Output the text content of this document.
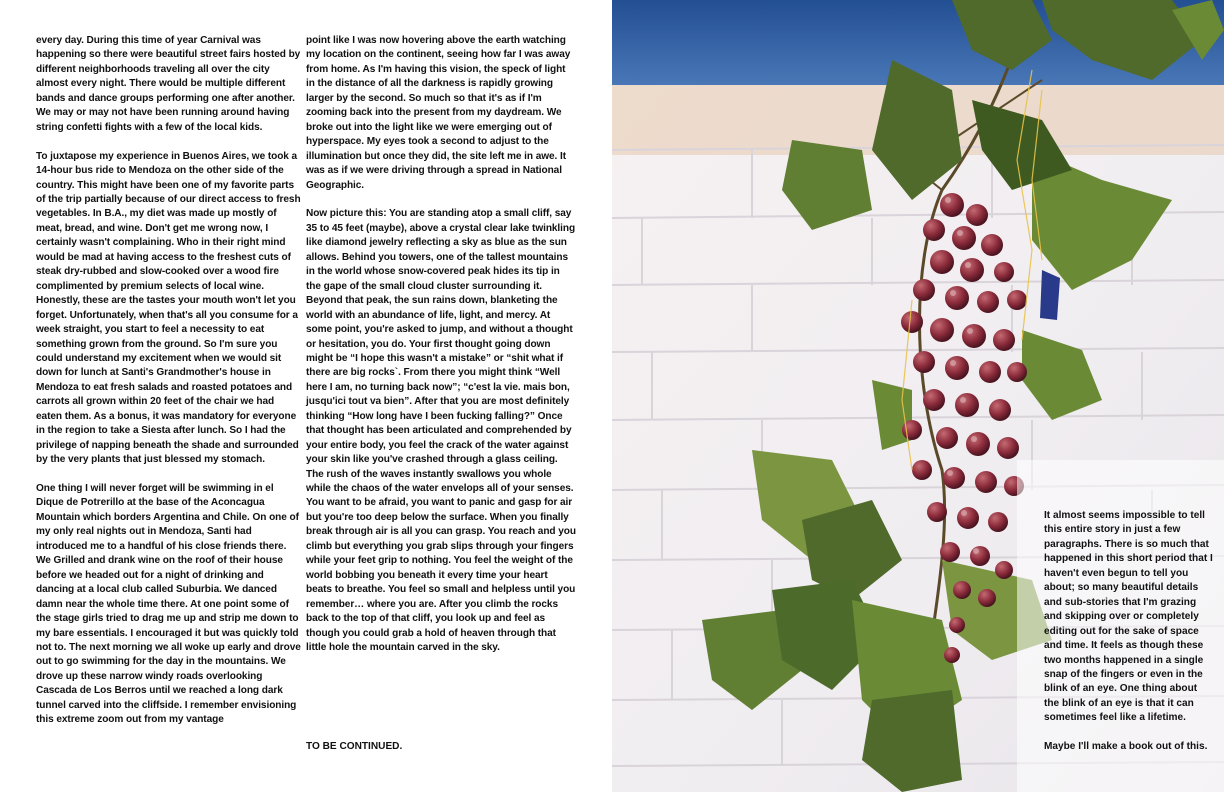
every day. During this time of year Carnival was happening so there were beautiful street fairs hosted by different neighborhoods traveling all over the city almost every night. There would be multiple different bands and dance groups performing one after another. We may or may not have been running around having string confetti fights with a few of the local kids.

To juxtapose my experience in Buenos Aires, we took a 14-hour bus ride to Mendoza on the other side of the country. This might have been one of my favorite parts of the trip partially because of our direct access to fresh vegetables. In B.A., my diet was made up mostly of meat, bread, and wine. Don't get me wrong now, I certainly wasn't complaining. Who in their right mind would be mad at having access to the freshest cuts of steak dry-rubbed and slow-cooked over a wood fire complimented by premium selects of local wine. Honestly, these are the tastes your mouth won't let you forget. Unfortunately, when that's all you consume for a week straight, you start to feel a necessity to eat something grown from the ground. So I'm sure you could understand my excitement when we would sit down for lunch at Santi's Grandmother's house in Mendoza to eat fresh salads and roasted potatoes and carrots all grown within 20 feet of the chair we had eaten them. As a bonus, it was mandatory for everyone in the region to take a Siesta after lunch. So I had the privilege of napping beneath the shade and surrounded by the very plants that just blessed my stomach.

One thing I will never forget will be swimming in el Dique de Potrerillo at the base of the Aconcagua Mountain which borders Argentina and Chile. On one of my only real nights out in Mendoza, Santi had introduced me to a handful of his close friends there. We Grilled and drank wine on the roof of their house before we headed out for a night of drinking and dancing at a local club called Suburbia. We danced damn near the whole time there. At one point some of the stage girls tried to drag me up and strip me down to my bare essentials. I encouraged it but was quickly told not to. The next morning we all woke up early and drove out to go swimming for the day in the mountains. We drove up these narrow windy roads overlooking Cascada de Los Berros until we reached a long dark tunnel carved into the cliffside. I remember envisioning this extreme zoom out from my vantage

point like I was now hovering above the earth watching my location on the continent, seeing how far I was away from home. As I'm having this vision, the speck of light in the distance of all the darkness is rapidly growing larger by the second. So much so that it's as if I'm zooming back into the present from my daydream. We broke out into the light like we were emerging out of hyperspace. My eyes took a second to adjust to the illumination but once they did, the site left me in awe. It was as if we were driving through a spread in National Geographic.

Now picture this: You are standing atop a small cliff, say 35 to 45 feet (maybe), above a crystal clear lake twinkling like diamond jewelry reflecting a sky as blue as the sun allows. Behind you towers, one of the tallest mountains in the world whose snow-covered peak hides its tip in the gape of the small cloud cluster surrounding it. Beyond that peak, the sun rains down, blanketing the world with an abundance of life, light, and mercy. At some point, you're asked to jump, and without a thought or hesitation, you do. Your first thought going down might be “I hope this wasn't a mistake” or “shit what if there are big rocks`. From there you might think “Well here I am, no turning back now”; “c'est la vie. mais bon, jusqu'ici tout va bien”. After that you are most definitely thinking “How long have I been fucking falling?” Once that thought has been articulated and comprehended by your entire body, you feel the crack of the water against your skin like you've crashed through a glass ceiling. The rush of the waves instantly swallows you whole while the chaos of the water envelops all of your senses. You want to be afraid, you want to panic and gasp for air but you're too deep below the surface. When you finally break through air is all you can grasp. You reach and you climb but everything you grab slips through your fingers while your feet grip to nothing. You feel the weight of the world bobbing you beneath it every time your heart beats to breathe. You feel so small and helpless until you remember… where you are. After you climb the rocks back to the top of that cliff, you look up and feel as though you could grab a hold of heaven through that little hole the mountain carved in the sky.

TO BE CONTINUED.

It almost seems impossible to tell this entire story in just a few paragraphs. There is so much that happened in this short period that I haven't even begun to tell you about; so many beautiful details and sub-stories that I'm grazing and skipping over or completely editing out for the sake of space and time. It feels as though these two months happened in a single snap of the fingers or even in the blink of an eye. One thing about the blink of an eye is that it can sometimes feel like a lifetime.

Maybe I'll make a book out of this.
